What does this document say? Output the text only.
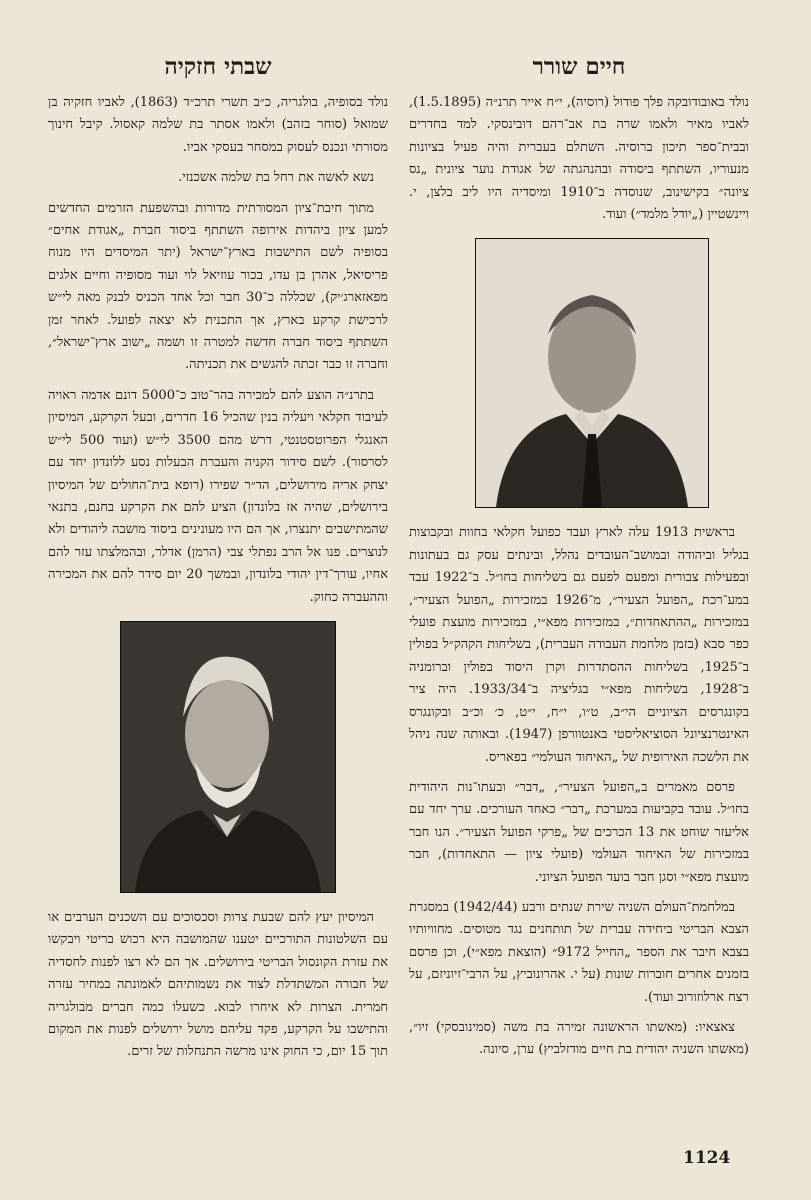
חיים שורר

נולד באובודובקה פלך פודול (רוסיה), י״ח אייר תרנ״ה (1.5.1895), לאביו מאיר ולאמו שרה בת אב־רהם דובינסקי. למד בחדרים ובבית־ספר תיכון ברוסיה. השתלם בעברית והיה פעיל בציונות מנעוריו, השתתף ביסודה ובהנהגתה של אגודת נוער ציונית „נס ציונה״ בקישינוב, שנוסדה ב־1910 ומיסדיה היו ליב בלצן, י. ויינשטיין („יודל מלמד״) ועוד.

בראשית 1913 עלה לארץ ועבד כפועל חקלאי בחוות ובקבוצות בגליל וביהודה ובמושב־העובדים נהלל, ובינתים עסק גם בעתונות ובפעילות צבורית ומפעם לפעם גם בשליחות בחו״ל. ב־1922 עבד במע־רכת „הפועל הצעיר״, מ־1926 במזכירות „הפועל הצעיר״, במזכירות „ההתאחדות״, במזכירות מפא״י, במזכירות מועצת פועלי כפר סבא (בזמן מלחמת העבודה העברית), בשליחות הקהק״ל בפולין ב־1925, בשליחות ההסתדרות וקרן היסוד בפולין וברומניה ב־1928, בשליחות מפא״י בגליציה ב־1933/34. היה ציר בקונגרסים הציוניים הי״ב, ט״ו, י״ח, י״ט, כ׳ וכ״ב ובקונגרס האינטרנציונל הסוציאליסטי באנטוורפן (1947). ובאותה שנה ניהל את הלשכה האירופית של „האיחוד העולמי״ בפאריס.

פרסם מאמרים ב„הפועל הצעיר״, „דבר״ ובעתו־נות היהודית בחו״ל. עובד בקביעות במערכת „דבר״ כאחד העורכים. ערך יחד עם אליעזר שוחט את 13 הכרכים של „פרקי הפועל הצעיר״. הנו חבר במזכירות של האיחוד העולמי (פועלי ציון — התאחדות), חבר מועצת מפא״י וסגן חבר בועד הפועל הציוני.

במלחמת־העולם השניה שירת שנתים ורבע (1942/44) במסגרת הצבא הבריטי ביחידה עברית של תותחנים נגד מטוסים. מחוויותיו בצבא חיבר את הספר „החייל 9172״ (הוצאת מפא״י), וכן פרסם בזמנים אחרים חוברות שונות (על י. אהרונוביץ, על הרבי־זיוניזם, על רצח ארלוזורוב ועוד).

צאצאיו: (מאשתו הראשונה זמירה בת משה (סמינובסקי) זיו״, (מאשתו השניה יהודית בת חיים מודזלביץ) ערן, סיונה.

שבתי חזקיה

נולד בסופיה, בולגריה, כ״ב תשרי תרכ״ד (1863), לאביו חזקיה בן שמואל (סוחר בזהב) ולאמו אסתר בת שלמה קאסול. קיבל חינוך מסורתי ונכנס לעסוק במסחר בעסקי אביו.

נשא לאשה את רחל בת שלמה אשכנזי.

מתוך חיבת־ציון המסורתית מדורות ובהשפעת הזרמים החדשים למען ציון ביהדות אירופה השתתף ביסוד חברת „אגודת אחים״ בסופיה לשם התישבות בארץ־ישראל (יתר המיסדים היו מנוח פריסיאל, אהרן בן עדו, בכור עוזיאל לוי ועוד מסופיה וחיים אלגים מפאזארג׳יק), שכללה כ־30 חבר וכל אחד הכניס לבנק מאה לי״ש לרכישת קרקע בארץ, אך התכנית לא יצאה לפועל. לאחר זמן השתתף ביסוד חברה חדשה למטרה זו ושמה „ישוב ארץ־ישראל״, וחברה זו כבר זכתה להגשים את תכניתה.

בתרנ״ה הוצע להם למכירה בהר־טוב כ־5000 דונם אדמה ראויה לעיבוד חקלאי ויעליה בנין שהכיל 16 חדרים, ובעל הקרקע, המיסיון האנגלי הפרוטסטנטי, דרש מהם 3500 לי״ש (ועוד 500 לי״ש לסרסור). לשם סידור הקניה והעברת הבעלות נסע ללונדון יחד עם יצחק אריה מירושלים, הד״ר שפירו (רופא בית־החולים של המיסיון בירושלים, שהיה אז בלונדון) הציע להם את הקרקע בחנם, בתנאי שהמתישבים יתנצרו, אך הם היו מעונינים ביסוד מושבה ליהודים ולא לנוצרים. פנו אל הרב נפתלי צבי (הרמן) אדלר, ובהמלצתו עזר להם אחיו, עורך־דין יהודי בלונדון, ובמשך 20 יום סידר להם את המכירה וההעברה כחוק.

המיסיון יעץ להם שבעת צרות וסכסוכים עם השכנים הערבים או עם השלטונות התורכיים יטענו שהמושבה היא רכוש בריטי ויבקשו את עזרת הקונסול הבריטי בירושלים. אך הם לא רצו לפנות לחסדיה של חבורה המשתדלת לצוד את נשמותיהם לאמונתה במחיר עזרה חמרית. הצרות לא איחרו לבוא. כשעלו כמה חברים מבולגריה והתישבו על הקרקע, פקד עליהם מושל ירושלים לפנות את המקום תוך 15 יום, כי החוק אינו מרשה התנחלות של זרים.

1124
